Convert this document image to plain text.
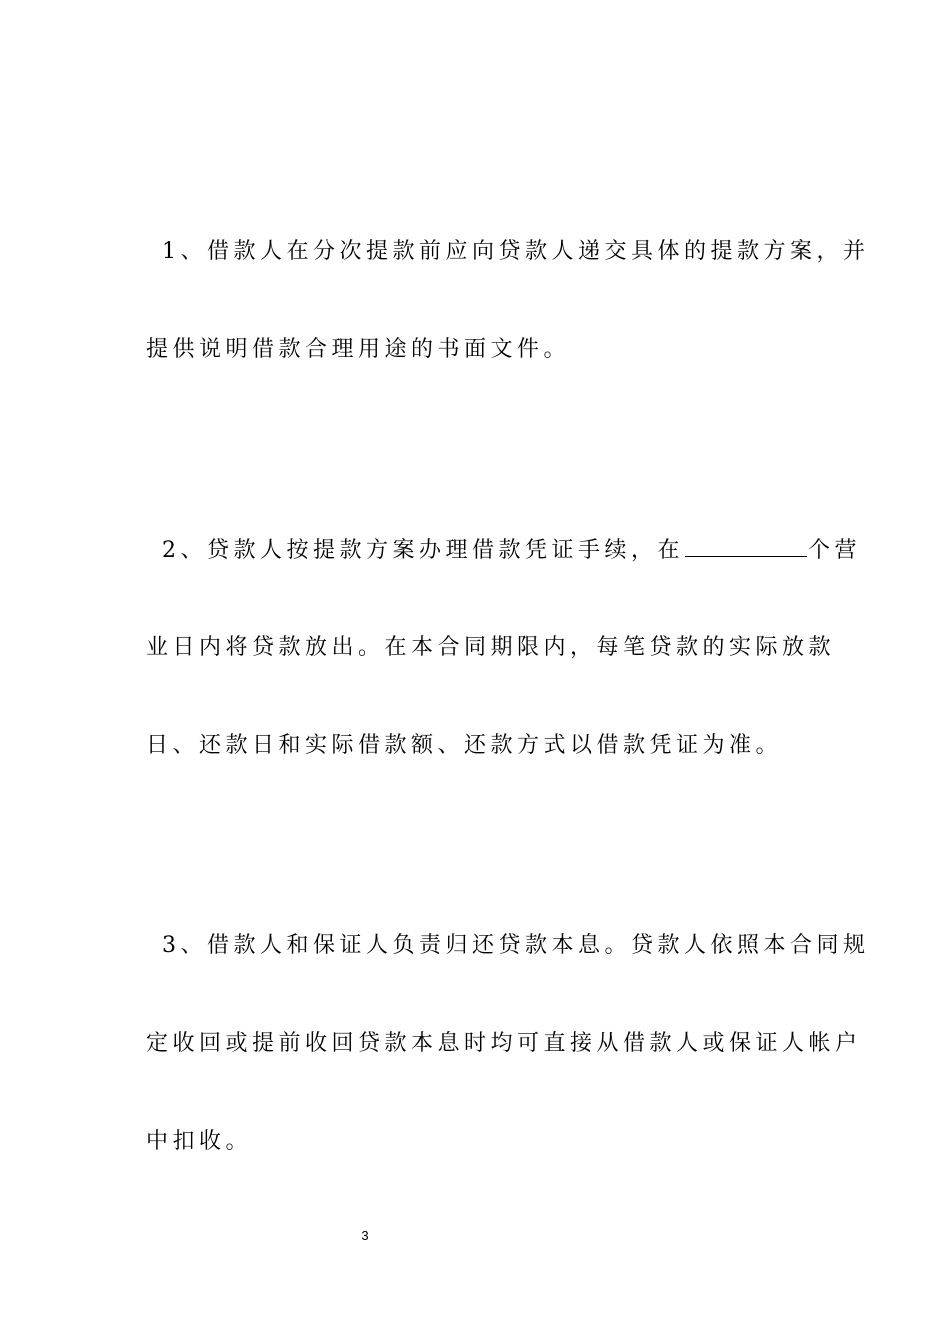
1、借款人在分次提款前应向贷款人递交具体的提款方案，并
提供说明借款合理用途的书面文件。
2、贷款人按提款方案办理借款凭证手续，在	个营
业日内将贷款放出。在本合同期限内，每笔贷款的实际放款
日、还款日和实际借款额、还款方式以借款凭证为准。
3、借款人和保证人负责归还贷款本息。贷款人依照本合同规
定收回或提前收回贷款本息时均可直接从借款人或保证人帐户
中扣收。
3
